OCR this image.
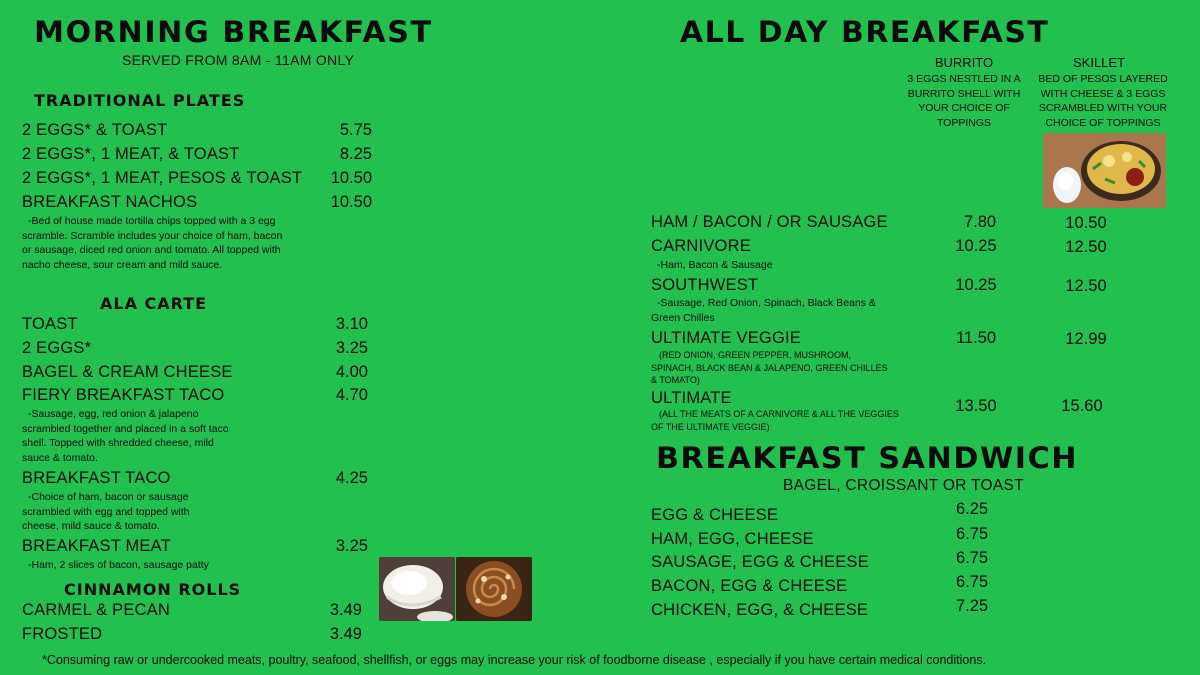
MORNING BREAKFAST
SERVED FROM 8AM - 11AM ONLY
TRADITIONAL PLATES
2 EGGS* & TOAST	5.75
2 EGGS*, 1 MEAT, & TOAST	8.25
2 EGGS*, 1 MEAT, PESOS & TOAST	10.50
BREAKFAST NACHOS	10.50
-Bed of house made tortilla chips topped with a 3 egg scramble. Scramble includes your choice of ham, bacon or sausage, diced red onion and tomato. All topped with nacho cheese, sour cream and mild sauce.
ALA CARTE
TOAST	3.10
2 EGGS*	3.25
BAGEL & CREAM CHEESE	4.00
FIERY BREAKFAST TACO	4.70
-Sausage, egg, red onion & jalapeno scrambled together and placed in a soft taco shell. Topped with shredded cheese, mild sauce & tomato.
BREAKFAST TACO	4.25
-Choice of ham, bacon or sausage scrambled with egg and topped with cheese, mild sauce & tomato.
BREAKFAST MEAT	3.25
-Ham, 2 slices of bacon, sausage patty
CINNAMON ROLLS
CARMEL & PECAN	3.49
FROSTED	3.49
ALL DAY BREAKFAST
BURRITO
3 EGGS NESTLED IN A BURRITO SHELL WITH YOUR CHOICE OF TOPPINGS
SKILLET
BED OF PESOS LAYERED WITH CHEESE & 3 EGGS SCRAMBLED WITH YOUR CHOICE OF TOPPINGS
HAM / BACON / OR SAUSAGE	7.80	10.50
CARNIVORE	10.25	12.50
-Ham, Bacon & Sausage
SOUTHWEST	10.25	12.50
-Sausage, Red Onion, Spinach, Black Beans & Green Chilles
ULTIMATE VEGGIE	11.50	12.99
(RED ONION, GREEN PEPPER, MUSHROOM, SPINACH, BLACK BEAN & JALAPENO, GREEN CHILLES & TOMATO)
ULTIMATE	13.50	15.60
(ALL THE MEATS OF A CARNIVORE & ALL THE VEGGIES OF THE ULTIMATE VEGGIE)
BREAKFAST SANDWICH
BAGEL, CROISSANT OR TOAST
EGG & CHEESE	6.25
HAM, EGG, CHEESE	6.75
SAUSAGE, EGG & CHEESE	6.75
BACON, EGG & CHEESE	6.75
CHICKEN, EGG, & CHEESE	7.25
*Consuming raw or undercooked meats, poultry, seafood, shellfish, or eggs may increase your risk of foodborne disease , especially if you have certain medical conditions.
